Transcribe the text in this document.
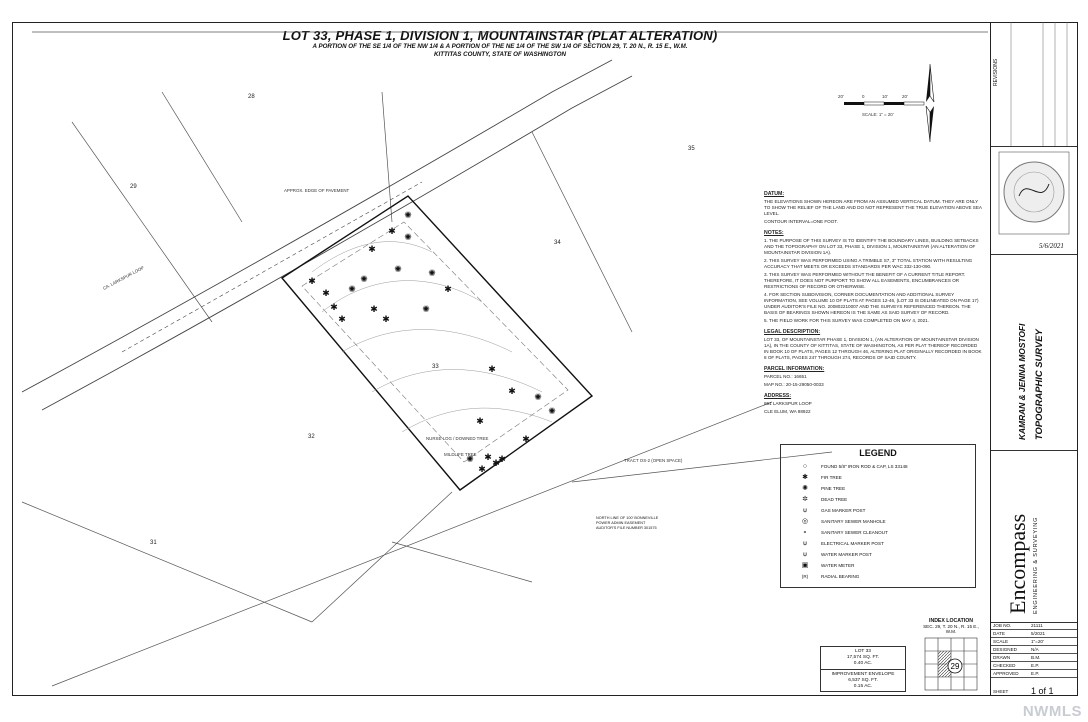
LOT 33, PHASE 1, DIVISION 1, MOUNTAINSTAR (PLAT ALTERATION)
A PORTION OF THE SE 1/4 OF THE NW 1/4 & A PORTION OF THE NE 1/4 OF THE SW 1/4 OF SECTION 29, T. 20 N., R. 15 E., W.M.
KITTITAS COUNTY, STATE OF WASHINGTON
✱
✱
✱
✱
✺
✺
✱
✱
✺
✺
✱
✱
✺
✱
✺
✱
✱
✺
✺
✱
✱
✱
✱
✱
✱
✺
✺
28
29
35
34
33
32
31
CA. LARKSPUR LOOP
APPROX. EDGE OF PAVEMENT
TRACT OS-2 (OPEN SPACE)
MILDLIFE TREE
NURSE LOG / DOWNED TREE
NORTH LINE OF 100' BONNEVILLE POWER ADMIN EASEMENT AUDITOR'S FILE NUMBER 301575
20'	0	10'	20'
SCALE: 1" = 20'
DATUM:

THE ELEVATIONS SHOWN HEREON ARE FROM AN ASSUMED VERTICAL DATUM. THEY ARE ONLY TO SHOW THE RELIEF OF THE LAND AND DO NOT REPRESENT THE TRUE ELEVATION ABOVE SEA LEVEL.

CONTOUR INTERVAL=ONE FOOT.

NOTES:

1. THE PURPOSE OF THIS SURVEY IS TO IDENTIFY THE BOUNDARY LINES, BUILDING SETBACKS AND THE TOPOGRAPHY ON LOT 33, PHASE 1, DIVISION 1, MOUNTAINSTAR (AN ALTERATION OF MOUNTAINSTAR DIVISION 1A).

2. THIS SURVEY WAS PERFORMED USING A TRIMBLE S7, 3" TOTAL STATION WITH RESULTING ACCURACY THAT MEETS OR EXCEEDS STANDARDS PER WAC 332-130-090.

3. THIS SURVEY WAS PERFORMED WITHOUT THE BENEFIT OF A CURRENT TITLE REPORT. THEREFORE, IT DOES NOT PURPORT TO SHOW ALL EASEMENTS, ENCUMBRANCES OR RESTRICTIONS OF RECORD OR OTHERWISE.

4. FOR SECTION SUBDIVISION, CORNER DOCUMENTATION AND ADDITIONAL SURVEY INFORMATION, SEE VOLUME 10 OF PLATS AT PAGES 12-46, (LOT 33 IS DELINEATED ON PAGE 17) UNDER AUDITOR'S FILE NO. 200802210007 AND THE SURVEYS REFERENCED THEREON. THE BASIS OF BEARINGS SHOWN HEREON IS THE SAME AS SAID SURVEY OF RECORD.

5. THE FIELD WORK FOR THIS SURVEY WAS COMPLETED ON MAY 4, 2021.

LEGAL DESCRIPTION:

LOT 33, OF MOUNTAINSTAR PHASE 1, DIVISION 1, (AN ALTERATION OF MOUNTAINSTAR DIVISION 1A), IN THE COUNTY OF KITTITAS, STATE OF WASHINGTON, AS PER PLAT THEREOF RECORDED IN BOOK 10 OF PLATS, PAGES 12 THROUGH 46, ALTERING PLAT ORIGINALLY RECORDED IN BOOK 8 OF PLATS, PAGES 247 THROUGH 274, RECORDS OF SAID COUNTY.

PARCEL INFORMATION:

PARCEL NO.: 16651

MAP NO.: 20-15-29050-0033

ADDRESS:

861 LARKSPUR LOOP

CLE ELUM, WA 98922

LEGEND
○	FOUND 5/8" IRON ROD & CAP, LS 33148
✱	FIR TREE
✺	PINE TREE
✲	DEAD TREE
⍦	GAS MARKER POST
◎	SANITARY SEWER MANHOLE
∘	SANITARY SEWER CLEANOUT
⍦	ELECTRICAL MARKER POST
⍦	WATER MARKER POST
▣	WATER METER
(R)	RADIAL BEARING
LOT 33
17,574 SQ. FT.
0.40 AC.
IMPROVEMENT ENVELOPE
6,537 SQ. FT.
0.15 AC.
INDEX LOCATION
SEC. 29, T. 20 N., R. 15 E., W.M.
29
REVISIONS
5/6/2021
KAMRAN & JENNA MOSTOFI TOPOGRAPHIC SURVEY
Encompass ENGINEERING & SURVEYING
JOB NO.	21111
DATE	5/2021
SCALE	1"=20'
DESIGNED	N/A
DRAWN	B.M.
CHECKED	E.P.
APPROVED	E.P.
SHEET	1 of 1
NWMLS
